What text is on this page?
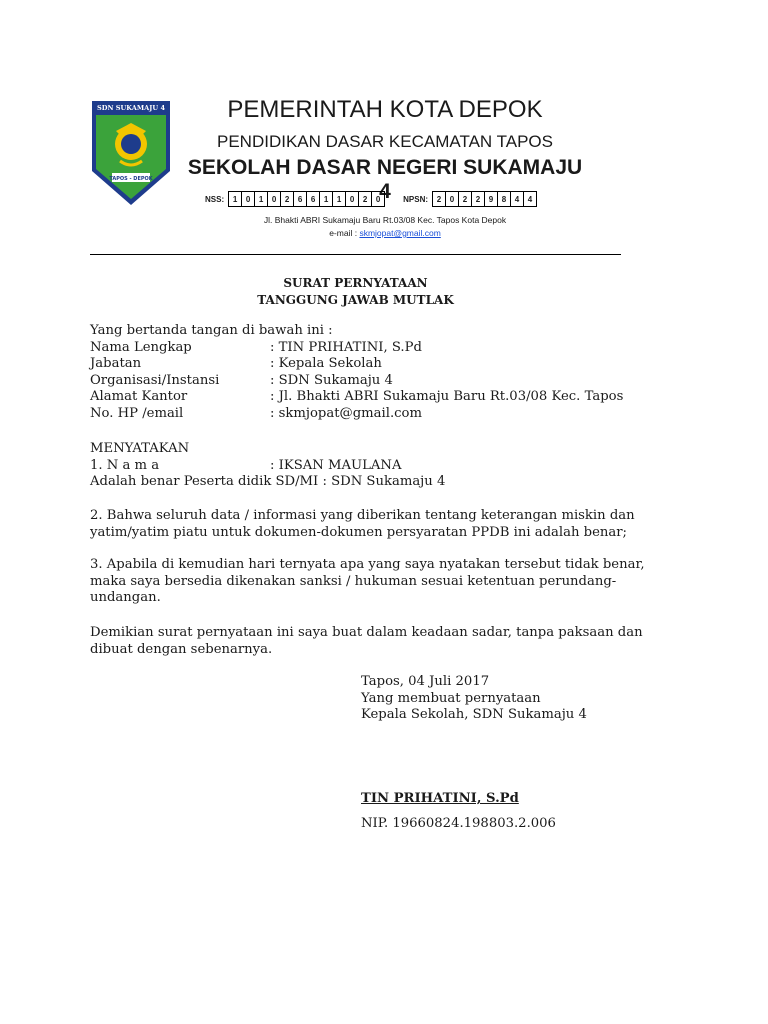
SDN SUKAMAJU 4
TAPOS - DEPOK
PEMERINTAH KOTA DEPOK
PENDIDIKAN DASAR KECAMATAN TAPOS
SEKOLAH DASAR NEGERI SUKAMAJU 4
NSS:	1	0	1	0	2	6	6	1	1	0	2	0	NPSN:	2	0	2	2	9	8	4	4
Jl. Bhakti ABRI Sukamaju Baru Rt.03/08 Kec. Tapos Kota Depok
e-mail : skmjopat@gmail.com
SURAT PERNYATAAN
TANGGUNG JAWAB MUTLAK

Yang bertanda tangan di bawah ini :

Nama Lengkap	: TIN PRIHATINI, S.Pd
Jabatan	: Kepala Sekolah
Organisasi/Instansi	: SDN Sukamaju 4
Alamat Kantor	: Jl. Bhakti ABRI Sukamaju Baru Rt.03/08 Kec. Tapos
No. HP /email	: skmjopat@gmail.com

MENYATAKAN

1. N a m a	: IKSAN MAULANA

Adalah benar Peserta didik SD/MI : SDN Sukamaju 4

2. Bahwa seluruh data / informasi yang diberikan tentang keterangan miskin dan yatim/yatim piatu untuk dokumen-dokumen persyaratan PPDB ini adalah benar;
3. Apabila di kemudian hari ternyata apa yang saya nyatakan tersebut tidak benar, maka saya bersedia dikenakan sanksi / hukuman sesuai ketentuan perundang-undangan.
Demikian surat pernyataan ini saya buat dalam keadaan sadar, tanpa paksaan dan dibuat dengan sebenarnya.

Tapos, 04 Juli 2017

Yang membuat pernyataan

Kepala Sekolah, SDN Sukamaju 4

TIN PRIHATINI, S.Pd
NIP. 19660824.198803.2.006
